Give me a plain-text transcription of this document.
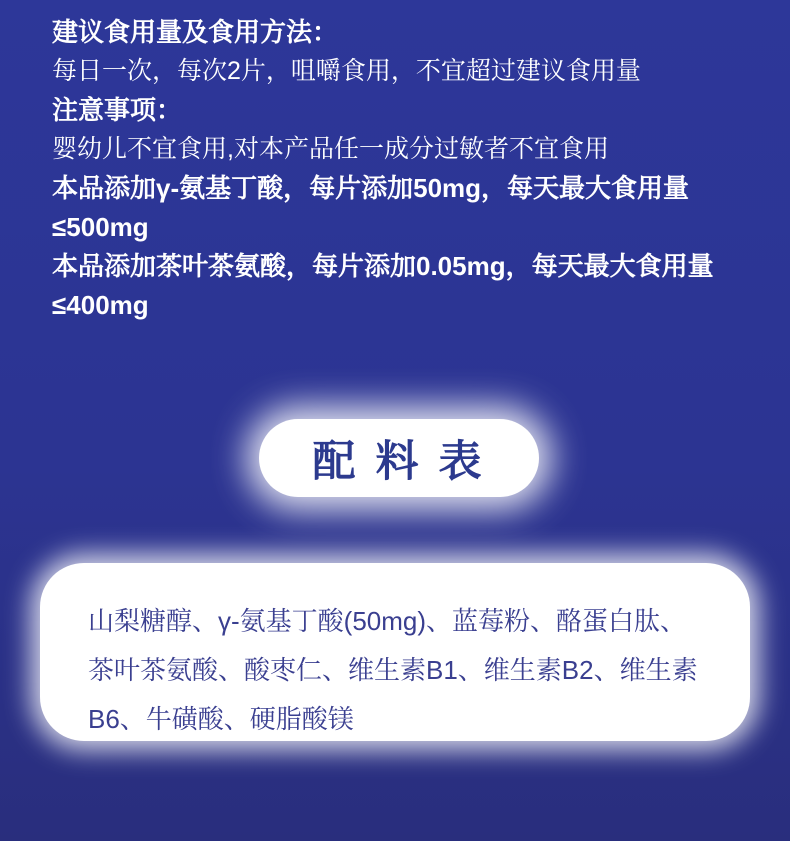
建议食用量及食用方法：

每日一次，每次2片，咀嚼食用，不宜超过建议食用量

注意事项：

婴幼儿不宜食用,对本产品任一成分过敏者不宜食用

本品添加γ-氨基丁酸，每片添加50mg，每天最大食用量≤500mg

本品添加茶叶茶氨酸，每片添加0.05mg，每天最大食用量≤400mg

配 料 表

山梨糖醇、γ-氨基丁酸(50mg)、蓝莓粉、酪蛋白肽、茶叶茶氨酸、酸枣仁、维生素B1、维生素B2、维生素B6、牛磺酸、硬脂酸镁
